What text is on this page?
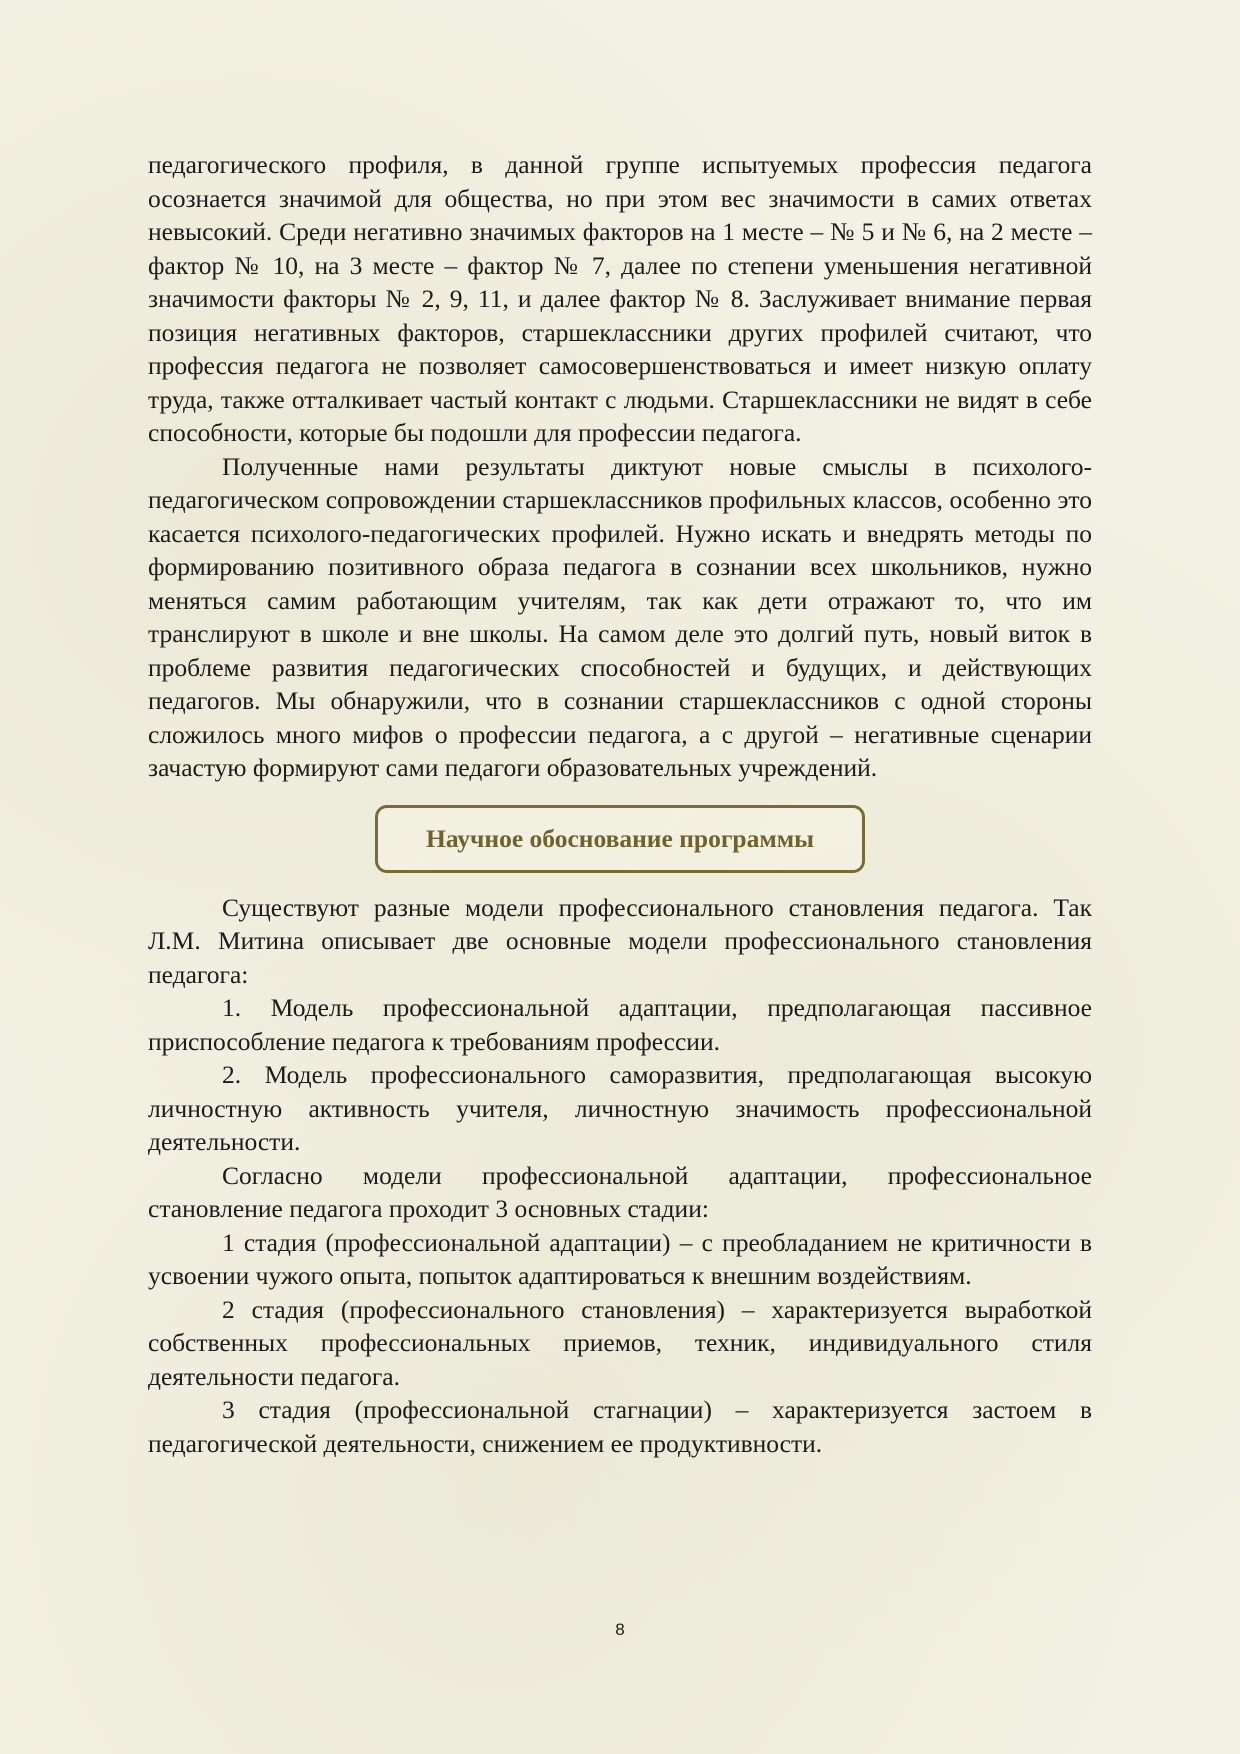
педагогического профиля, в данной группе испытуемых профессия педагога осознается значимой для общества, но при этом вес значимости в самих ответах невысокий. Среди негативно значимых факторов на 1 месте – № 5 и № 6, на 2 месте – фактор № 10, на 3 месте – фактор № 7, далее по степени уменьшения негативной значимости факторы № 2, 9, 11, и далее фактор № 8. Заслуживает внимание первая позиция негативных факторов, старшеклассники других профилей считают, что профессия педагога не позволяет самосовершенствоваться и имеет низкую оплату труда, также отталкивает частый контакт с людьми. Старшеклассники не видят в себе способности, которые бы подошли для профессии педагога.

Полученные нами результаты диктуют новые смыслы в психолого-педагогическом сопровождении старшеклассников профильных классов, особенно это касается психолого-педагогических профилей. Нужно искать и внедрять методы по формированию позитивного образа педагога в сознании всех школьников, нужно меняться самим работающим учителям, так как дети отражают то, что им транслируют в школе и вне школы. На самом деле это долгий путь, новый виток в проблеме развития педагогических способностей и будущих, и действующих педагогов. Мы обнаружили, что в сознании старшеклассников с одной стороны сложилось много мифов о профессии педагога, а с другой – негативные сценарии зачастую формируют сами педагоги образовательных учреждений.

Научное обоснование программы

Существуют разные модели профессионального становления педагога. Так Л.М. Митина описывает две основные модели профессионального становления педагога:

1. Модель профессиональной адаптации, предполагающая пассивное приспособление педагога к требованиям профессии.

2. Модель профессионального саморазвития, предполагающая высокую личностную активность учителя, личностную значимость профессиональной деятельности.

Согласно модели профессиональной адаптации, профессиональное становление педагога проходит 3 основных стадии:

1 стадия (профессиональной адаптации) – с преобладанием не критичности в усвоении чужого опыта, попыток адаптироваться к внешним воздействиям.

2 стадия (профессионального становления) – характеризуется выработкой собственных профессиональных приемов, техник, индивидуального стиля деятельности педагога.

3 стадия (профессиональной стагнации) – характеризуется застоем в педагогической деятельности, снижением ее продуктивности.

8
